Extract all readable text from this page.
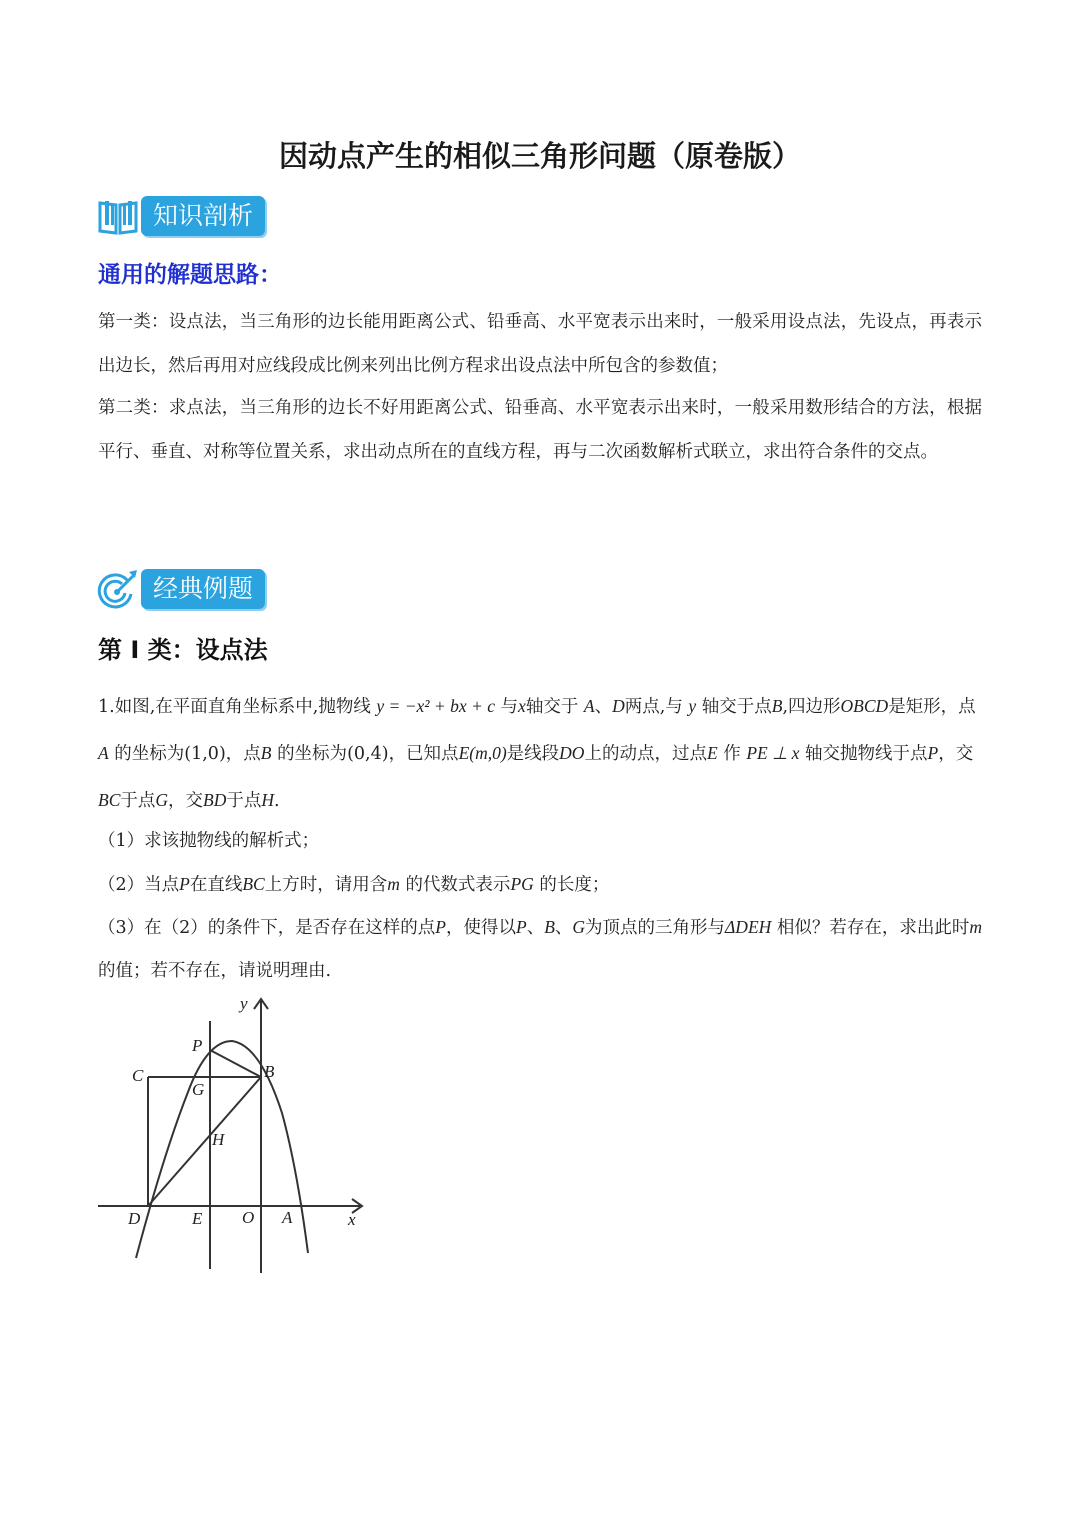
因动点产生的相似三角形问题（原卷版）
知识剖析
通用的解题思路：
第一类：设点法，当三角形的边长能用距离公式、铅垂高、水平宽表示出来时，一般采用设点法，先设点，再表示出边长，然后再用对应线段成比例来列出比例方程求出设点法中所包含的参数值；
第二类：求点法，当三角形的边长不好用距离公式、铅垂高、水平宽表示出来时，一般采用数形结合的方法，根据平行、垂直、对称等位置关系，求出动点所在的直线方程，再与二次函数解析式联立，求出符合条件的交点。
经典例题
第 I 类：设点法
1.如图,在平面直角坐标系中,抛物线 y = −x² + bx + c 与x轴交于 A、D两点,与 y 轴交于点B,四边形OBCD是矩形，点A 的坐标为(1,0)，点B 的坐标为(0,4)，已知点E(m,0)是线段DO上的动点，过点E 作 PE ⊥ x 轴交抛物线于点P，交BC于点G，交BD于点H.
（1）求该抛物线的解析式；
（2）当点P在直线BC上方时，请用含m 的代数式表示PG 的长度；
（3）在（2）的条件下，是否存在这样的点P，使得以P、B、G为顶点的三角形与ΔDEH 相似？若存在，求出此时m 的值；若不存在，请说明理由.
y
P
C	B
G
H
D	E O A	x
